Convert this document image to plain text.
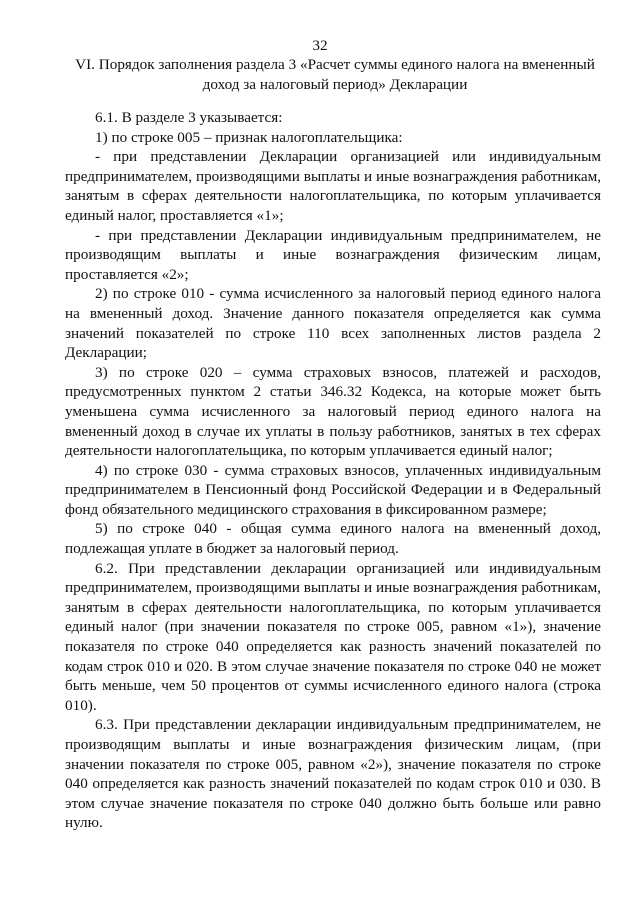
32
VI. Порядок заполнения раздела 3 «Расчет суммы единого налога на вмененный доход за налоговый период» Декларации

6.1. В разделе 3 указывается:

1) по строке 005 – признак налогоплательщика:

- при представлении Декларации организацией или индивидуальным предпринимателем, производящими выплаты и иные вознаграждения работникам, занятым в сферах деятельности налогоплательщика, по которым уплачивается единый налог, проставляется «1»;

- при представлении Декларации индивидуальным предпринимателем, не производящим выплаты и иные вознаграждения физическим лицам, проставляется «2»;

2) по строке 010 - сумма исчисленного за налоговый период единого налога на вмененный доход. Значение данного показателя определяется как сумма значений показателей по строке 110 всех заполненных листов раздела 2 Декларации;

3) по строке 020 – сумма страховых взносов, платежей и расходов, предусмотренных пунктом 2 статьи 346.32 Кодекса, на которые может быть уменьшена сумма исчисленного за налоговый период единого налога на вмененный доход в случае их уплаты в пользу работников, занятых в тех сферах деятельности налогоплательщика, по которым уплачивается единый налог;

4) по строке 030 - сумма страховых взносов, уплаченных индивидуальным предпринимателем в Пенсионный фонд Российской Федерации и в Федеральный фонд обязательного медицинского страхования в фиксированном размере;

5) по строке 040 - общая сумма единого налога на вмененный доход, подлежащая уплате в бюджет за налоговый период.

6.2. При представлении декларации организацией или индивидуальным предпринимателем, производящими выплаты и иные вознаграждения работникам, занятым в сферах деятельности налогоплательщика, по которым уплачивается единый налог (при значении показателя по строке 005, равном «1»), значение показателя по строке 040 определяется как разность значений показателей по кодам строк 010 и 020. В этом случае значение показателя по строке 040 не может быть меньше, чем 50 процентов от суммы исчисленного единого налога (строка 010).

6.3. При представлении декларации индивидуальным предпринимателем, не производящим выплаты и иные вознаграждения физическим лицам, (при значении показателя по строке 005, равном «2»), значение показателя по строке 040 определяется как разность значений показателей по кодам строк 010 и 030. В этом случае значение показателя по строке 040 должно быть больше или равно нулю.
